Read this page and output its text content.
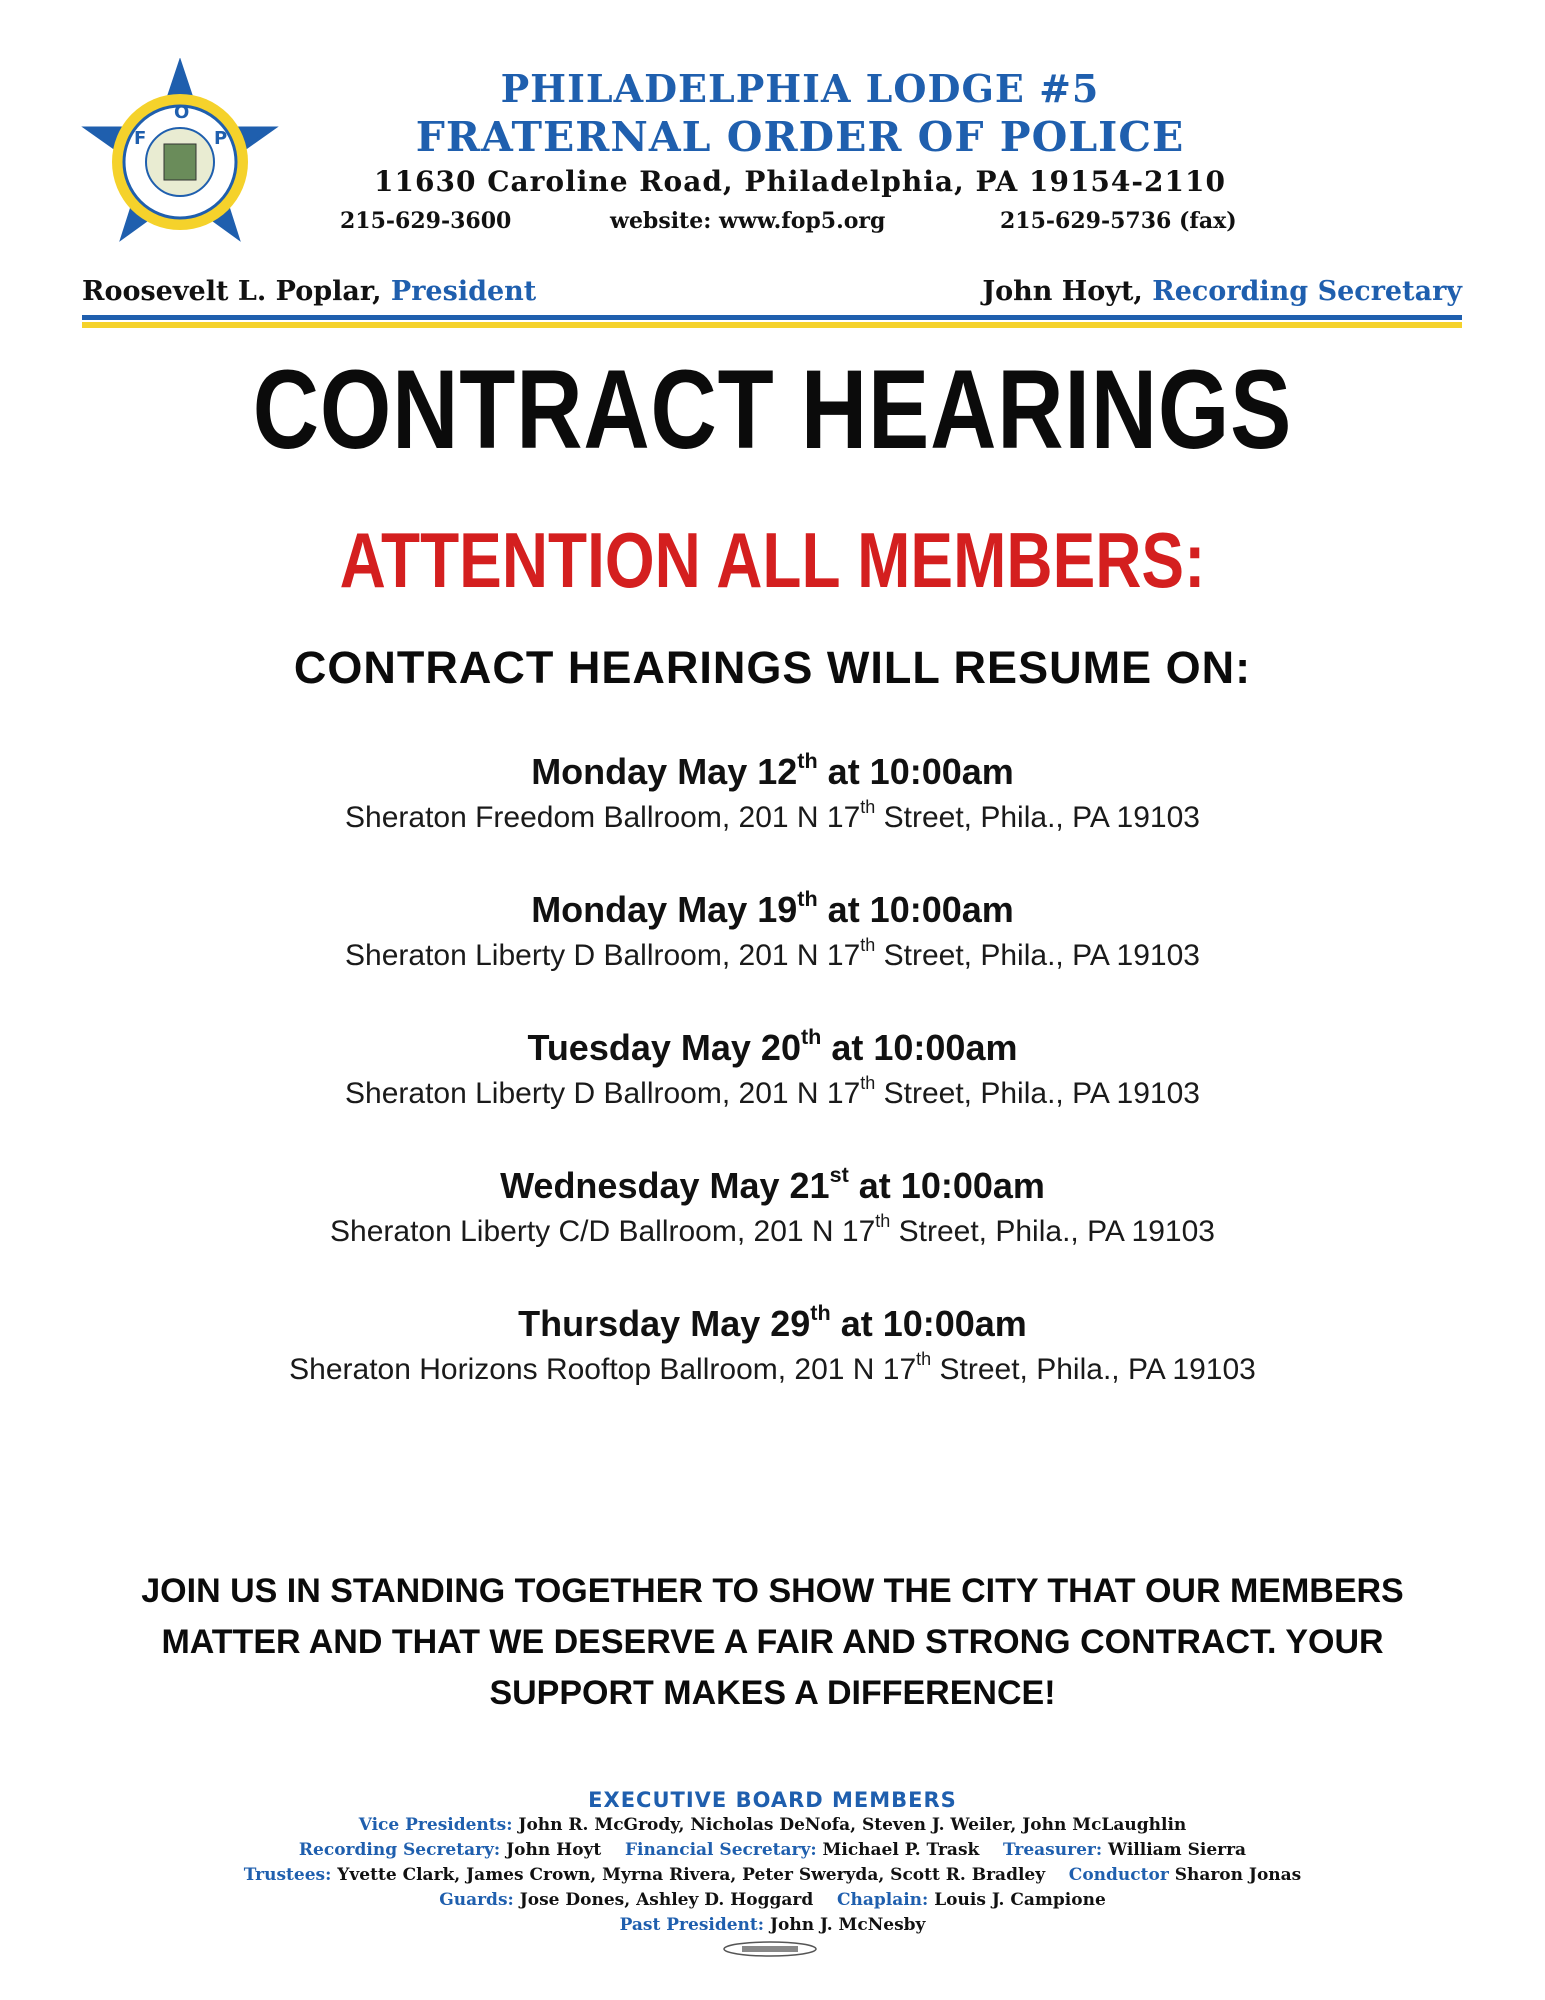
F
O
P
PHILADELPHIA LODGE #5
FRATERNAL ORDER OF POLICE
11630 Caroline Road, Philadelphia, PA 19154-2110
215-629-3600	website: www.fop5.org	215-629-5736 (fax)
Roosevelt L. Poplar, President	John Hoyt, Recording Secretary
CONTRACT HEARINGS
ATTENTION ALL MEMBERS:
CONTRACT HEARINGS WILL RESUME ON:
Monday May 12th at 10:00am
Sheraton Freedom Ballroom, 201 N 17th Street, Phila., PA 19103
Monday May 19th at 10:00am
Sheraton Liberty D Ballroom, 201 N 17th Street, Phila., PA 19103
Tuesday May 20th at 10:00am
Sheraton Liberty D Ballroom, 201 N 17th Street, Phila., PA 19103
Wednesday May 21st at 10:00am
Sheraton Liberty C/D Ballroom, 201 N 17th Street, Phila., PA 19103
Thursday May 29th at 10:00am
Sheraton Horizons Rooftop Ballroom, 201 N 17th Street, Phila., PA 19103
JOIN US IN STANDING TOGETHER TO SHOW THE CITY THAT OUR MEMBERS MATTER AND THAT WE DESERVE A FAIR AND STRONG CONTRACT. YOUR SUPPORT MAKES A DIFFERENCE!
EXECUTIVE BOARD MEMBERS
Vice Presidents: John R. McGrody, Nicholas DeNofa, Steven J. Weiler, John McLaughlin
Recording Secretary: John Hoyt Financial Secretary: Michael P. Trask Treasurer: William Sierra
Trustees: Yvette Clark, James Crown, Myrna Rivera, Peter Sweryda, Scott R. Bradley Conductor Sharon Jonas
Guards: Jose Dones, Ashley D. Hoggard Chaplain: Louis J. Campione
Past President: John J. McNesby
